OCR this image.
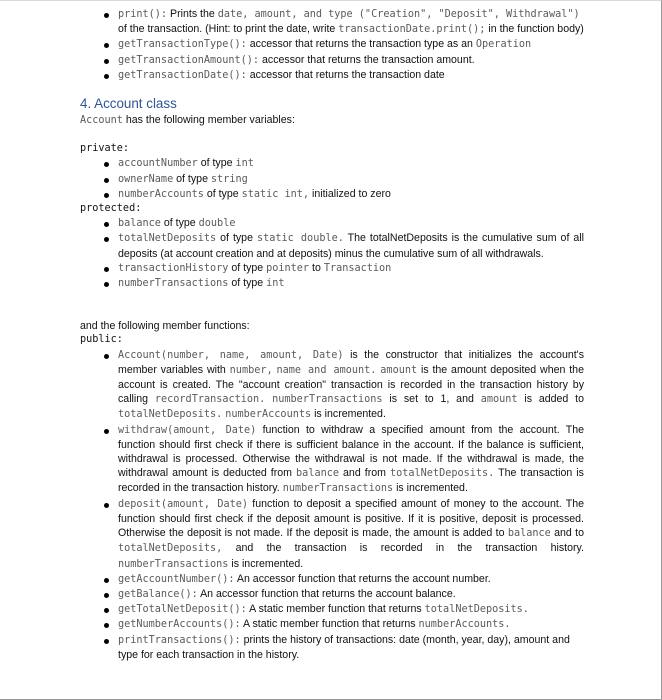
print(): Prints the date, amount, and type ("Creation", "Deposit", Withdrawal") of the transaction. (Hint: to print the date, write transactionDate.print(); in the function body)
getTransactionType(): accessor that returns the transaction type as an Operation
getTransactionAmount(): accessor that returns the transaction amount.
getTransactionDate(): accessor that returns the transaction date
4. Account class
Account has the following member variables:
private:
accountNumber of type int
ownerName of type string
numberAccounts of type static int, initialized to zero
protected:
balance of type double
totalNetDeposits of type static double. The totalNetDeposits is the cumulative sum of all deposits (at account creation and at deposits) minus the cumulative sum of all withdrawals.
transactionHistory of type pointer to Transaction
numberTransactions of type int
and the following member functions:
public:
Account(number, name, amount, Date) is the constructor that initializes the account's member variables with number, name and amount. amount is the amount deposited when the account is created. The "account creation" transaction is recorded in the transaction history by calling recordTransaction. numberTransactions is set to 1, and amount is added to totalNetDeposits. numberAccounts is incremented.
withdraw(amount, Date) function to withdraw a specified amount from the account. The function should first check if there is sufficient balance in the account. If the balance is sufficient, withdrawal is processed. Otherwise the withdrawal is not made. If the withdrawal is made, the withdrawal amount is deducted from balance and from totalNetDeposits. The transaction is recorded in the transaction history. numberTransactions is incremented.
deposit(amount, Date) function to deposit a specified amount of money to the account. The function should first check if the deposit amount is positive. If it is positive, deposit is processed. Otherwise the deposit is not made. If the deposit is made, the amount is added to balance and to totalNetDeposits, and the transaction is recorded in the transaction history. numberTransactions is incremented.
getAccountNumber(): An accessor function that returns the account number.
getBalance(): An accessor function that returns the account balance.
getTotalNetDeposit(): A static member function that returns totalNetDeposits.
getNumberAccounts(): A static member function that returns numberAccounts.
printTransactions(): prints the history of transactions: date (month, year, day), amount and type for each transaction in the history.
